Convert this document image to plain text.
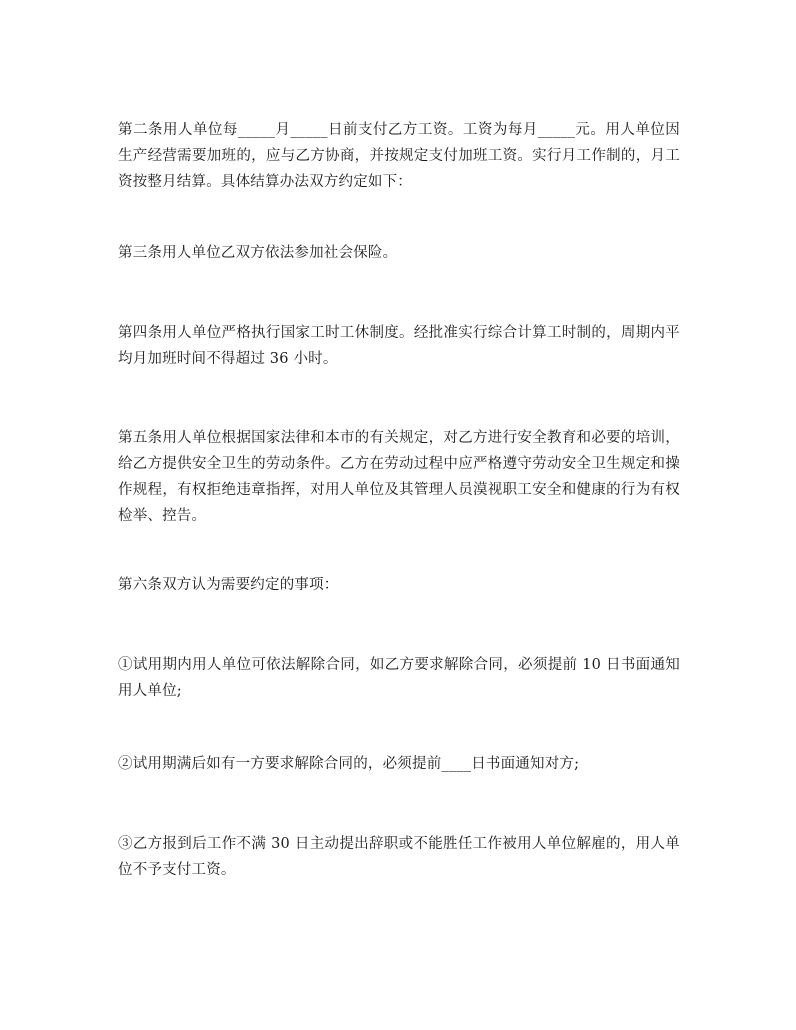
第二条用人单位每_____月_____日前支付乙方工资。工资为每月_____元。用人单位因生产经营需要加班的，应与乙方协商，并按规定支付加班工资。实行月工作制的，月工资按整月结算。具体结算办法双方约定如下：

第三条用人单位乙双方依法参加社会保险。

第四条用人单位严格执行国家工时工休制度。经批准实行综合计算工时制的，周期内平均月加班时间不得超过 36 小时。

第五条用人单位根据国家法律和本市的有关规定，对乙方进行安全教育和必要的培训，给乙方提供安全卫生的劳动条件。乙方在劳动过程中应严格遵守劳动安全卫生规定和操作规程，有权拒绝违章指挥，对用人单位及其管理人员漠视职工安全和健康的行为有权检举、控告。

第六条双方认为需要约定的事项：

①试用期内用人单位可依法解除合同，如乙方要求解除合同，必须提前 10 日书面通知用人单位;

②试用期满后如有一方要求解除合同的，必须提前____日书面通知对方;

③乙方报到后工作不满 30 日主动提出辞职或不能胜任工作被用人单位解雇的，用人单位不予支付工资。
